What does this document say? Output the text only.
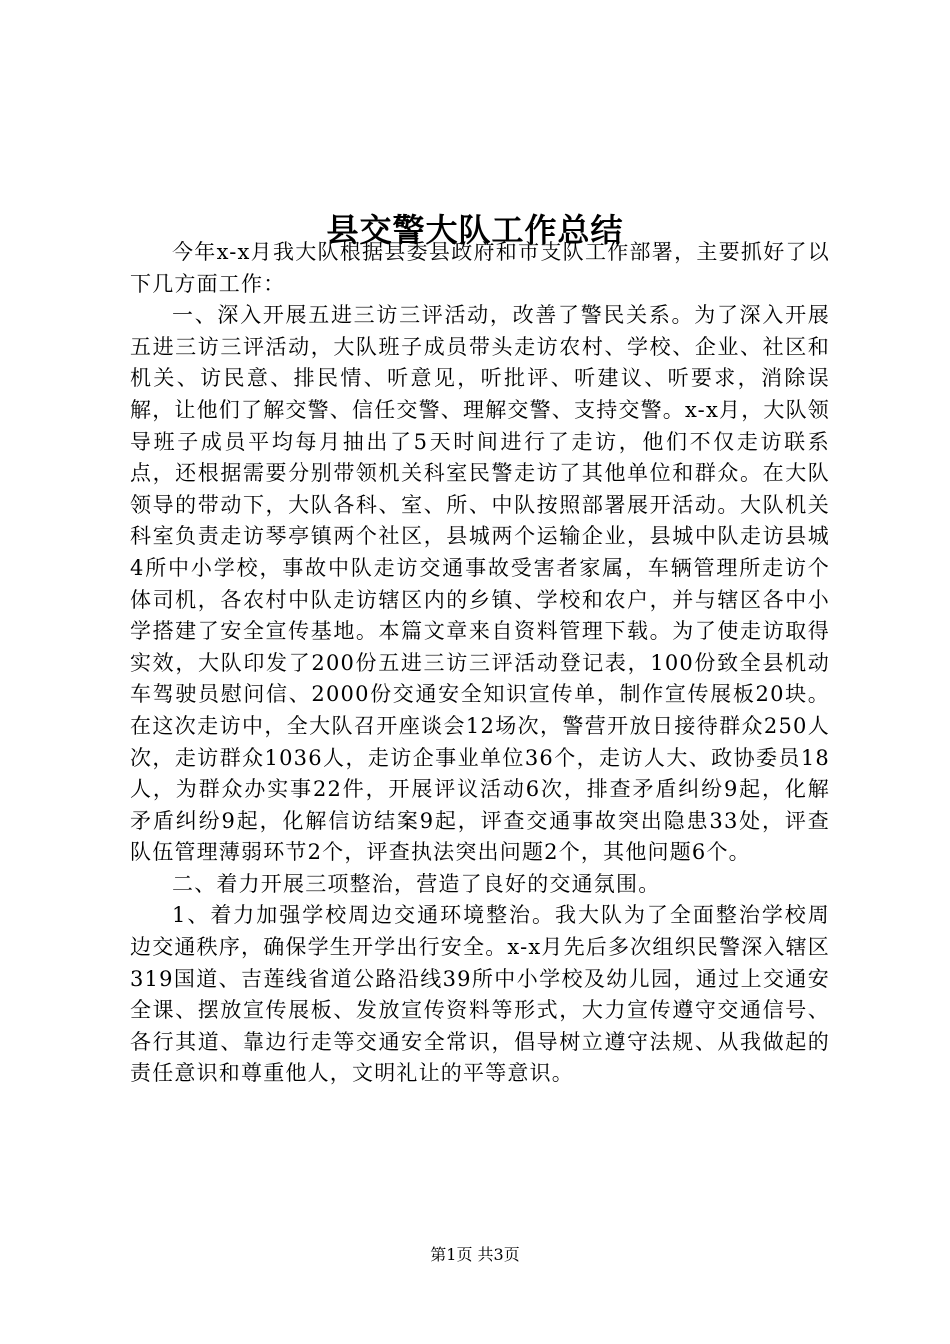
县交警大队工作总结

今年x-x月我大队根据县委县政府和市支队工作部署，主要抓好了以下几方面工作：

一、深入开展五进三访三评活动，改善了警民关系。为了深入开展五进三访三评活动，大队班子成员带头走访农村、学校、企业、社区和机关、访民意、排民情、听意见，听批评、听建议、听要求，消除误解，让他们了解交警、信任交警、理解交警、支持交警。x-x月，大队领导班子成员平均每月抽出了5天时间进行了走访，他们不仅走访联系点，还根据需要分别带领机关科室民警走访了其他单位和群众。在大队领导的带动下，大队各科、室、所、中队按照部署展开活动。大队机关科室负责走访琴亭镇两个社区，县城两个运输企业，县城中队走访县城4所中小学校，事故中队走访交通事故受害者家属，车辆管理所走访个体司机，各农村中队走访辖区内的乡镇、学校和农户，并与辖区各中小学搭建了安全宣传基地。本篇文章来自资料管理下载。为了使走访取得实效，大队印发了200份五进三访三评活动登记表，100份致全县机动车驾驶员慰问信、2000份交通安全知识宣传单，制作宣传展板20块。在这次走访中，全大队召开座谈会12场次，警营开放日接待群众250人次，走访群众1036人，走访企事业单位36个，走访人大、政协委员18人，为群众办实事22件，开展评议活动6次，排查矛盾纠纷9起，化解矛盾纠纷9起，化解信访结案9起，评查交通事故突出隐患33处，评查队伍管理薄弱环节2个，评查执法突出问题2个，其他问题6个。

二、着力开展三项整治，营造了良好的交通氛围。

1、着力加强学校周边交通环境整治。我大队为了全面整治学校周边交通秩序，确保学生开学出行安全。x-x月先后多次组织民警深入辖区319国道、吉莲线省道公路沿线39所中小学校及幼儿园，通过上交通安全课、摆放宣传展板、发放宣传资料等形式，大力宣传遵守交通信号、各行其道、靠边行走等交通安全常识，倡导树立遵守法规、从我做起的责任意识和尊重他人，文明礼让的平等意识。

第1页 共3页
